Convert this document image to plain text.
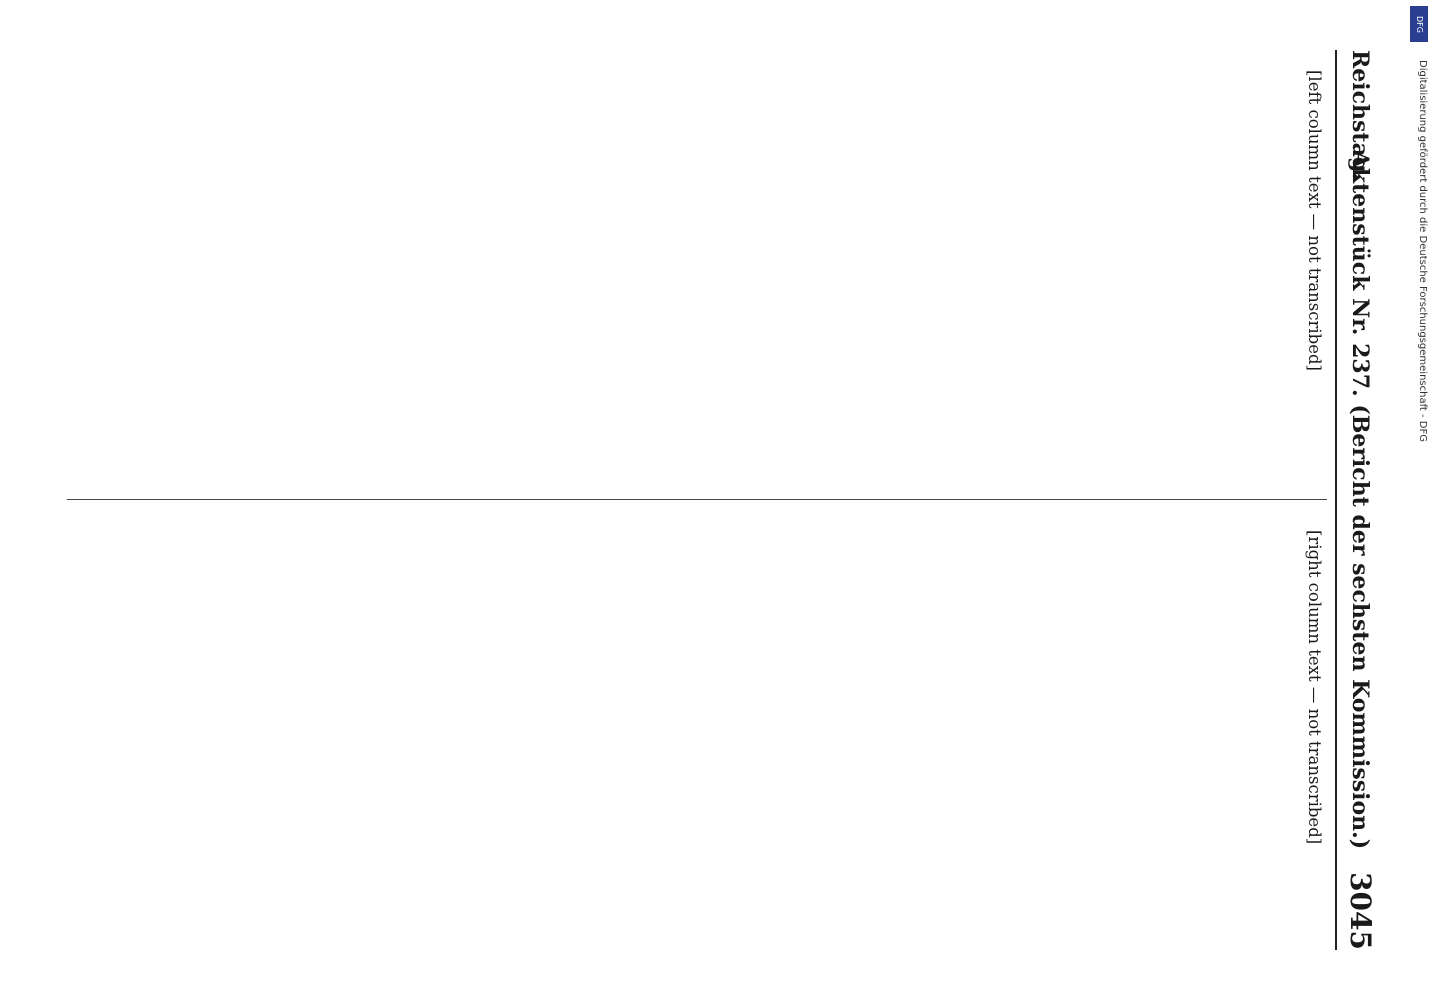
DFG
Digitalisierung gefördert durch die Deutsche Forschungsgemeinschaft - DFG
Reichstag.
Aktenstück Nr. 237. (Bericht der sechsten Kommission.)
3045

[left column text — not transcribed]

[right column text — not transcribed]
